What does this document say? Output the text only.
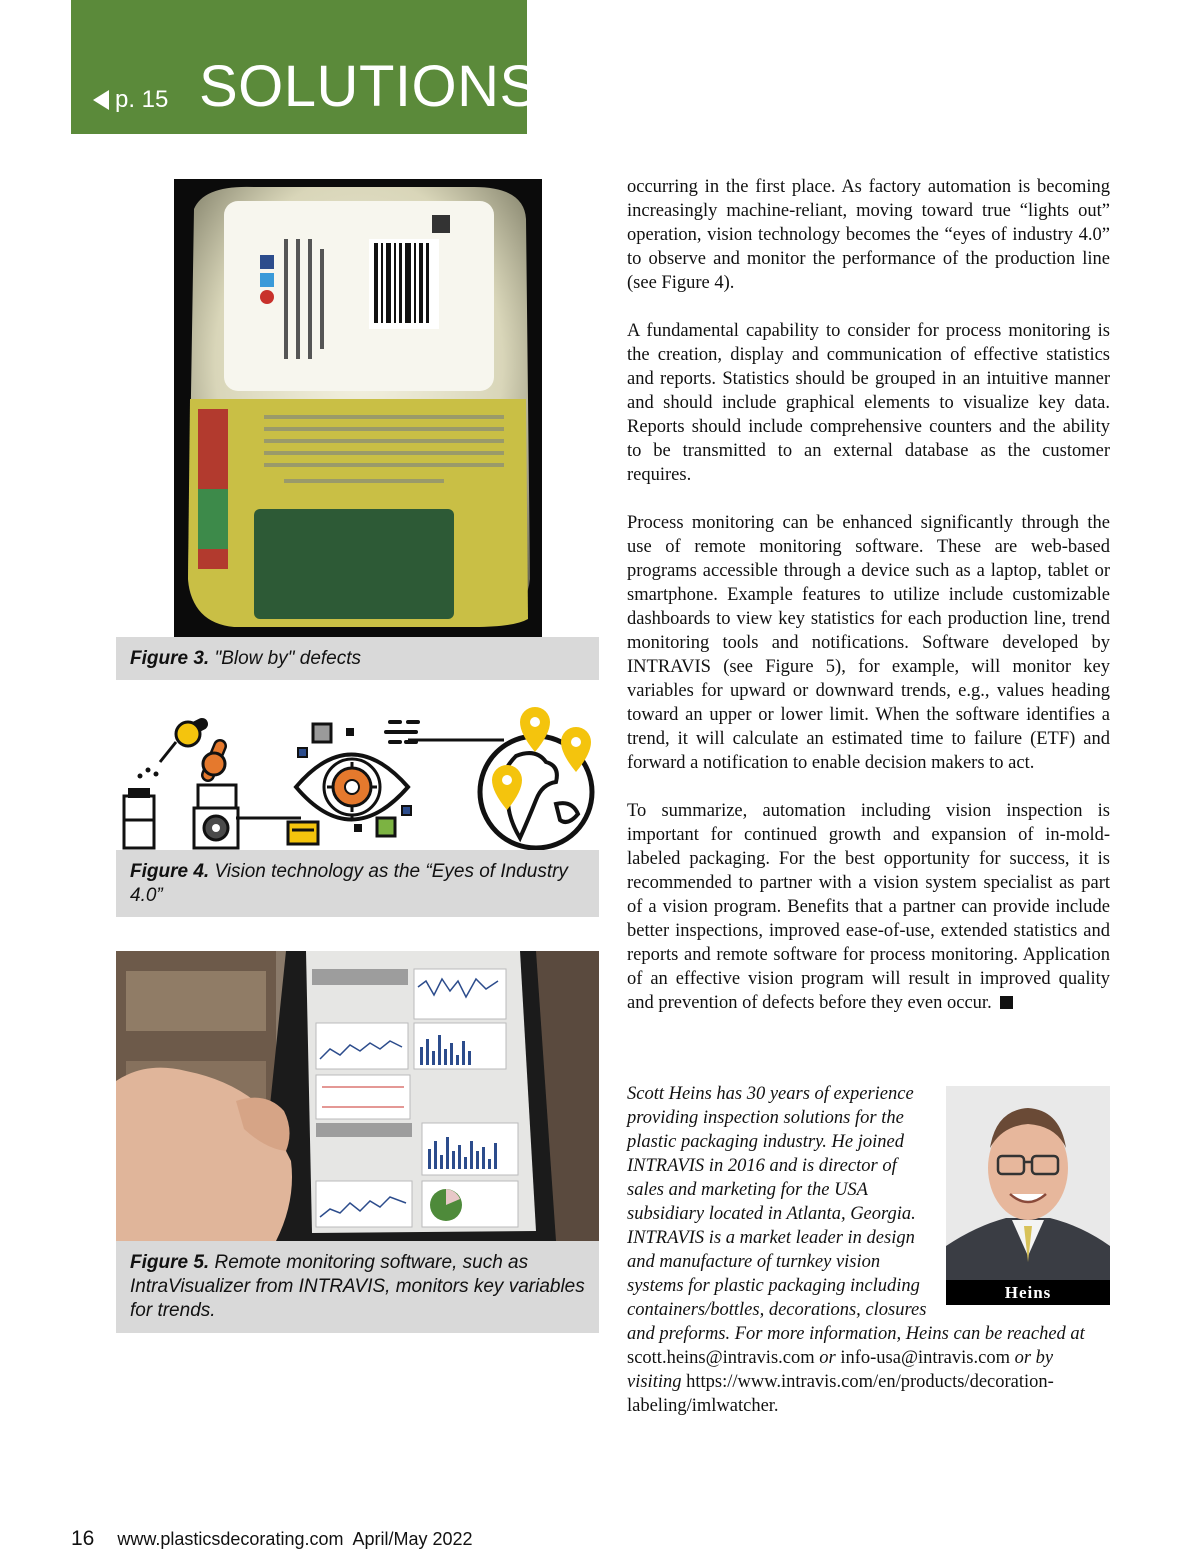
p. 15 SOLUTIONS
Figure 3. "Blow by" defects
Figure 4. Vision technology as the “Eyes of Industry 4.0”
Figure 5. Remote monitoring software, such as IntraVisualizer from INTRAVIS, monitors key variables for trends.

occurring in the first place. As factory automation is becoming increasingly machine-reliant, moving toward true “lights out” operation, vision technology becomes the “eyes of industry 4.0” to observe and monitor the performance of the production line (see Figure 4).

A fundamental capability to consider for process monitoring is the creation, display and communication of effective statistics and reports. Statistics should be grouped in an intuitive manner and should include graphical elements to visualize key data. Reports should include comprehensive counters and the ability to be transmitted to an external database as the customer requires.

Process monitoring can be enhanced significantly through the use of remote monitoring software. These are web-based programs accessible through a device such as a laptop, tablet or smartphone. Example features to utilize include customizable dashboards to view key statistics for each production line, trend monitoring tools and notifications. Software developed by INTRAVIS (see Figure 5), for example, will monitor key variables for upward or downward trends, e.g., values heading toward an upper or lower limit. When the software identifies a trend, it will calculate an estimated time to failure (ETF) and forward a notification to enable decision makers to act.

To summarize, automation including vision inspection is important for continued growth and expansion of in-mold-labeled packaging. For the best opportunity for success, it is recommended to partner with a vision system specialist as part of a vision program. Benefits that a partner can provide include better inspections, improved ease-of-use, extended statistics and reports and remote software for process monitoring. Application of an effective vision program will result in improved quality and prevention of defects before they even occur.

Scott Heins has 30 years of experience providing inspection solutions for the plastic packaging industry. He joined INTRAVIS in 2016 and is director of sales and marketing for the USA subsidiary located in Atlanta, Georgia. INTRAVIS is a market leader in design and manufacture of turnkey vision systems for plastic packaging including containers/bottles, decorations, closures and preforms. For more information, Heins can be reached at scott.heins@intravis.com or info-usa@intravis.com or by visiting https://www.intravis.com/en/products/decoration-labeling/imlwatcher.
Heins
16 www.plasticsdecorating.com  April/May 2022
